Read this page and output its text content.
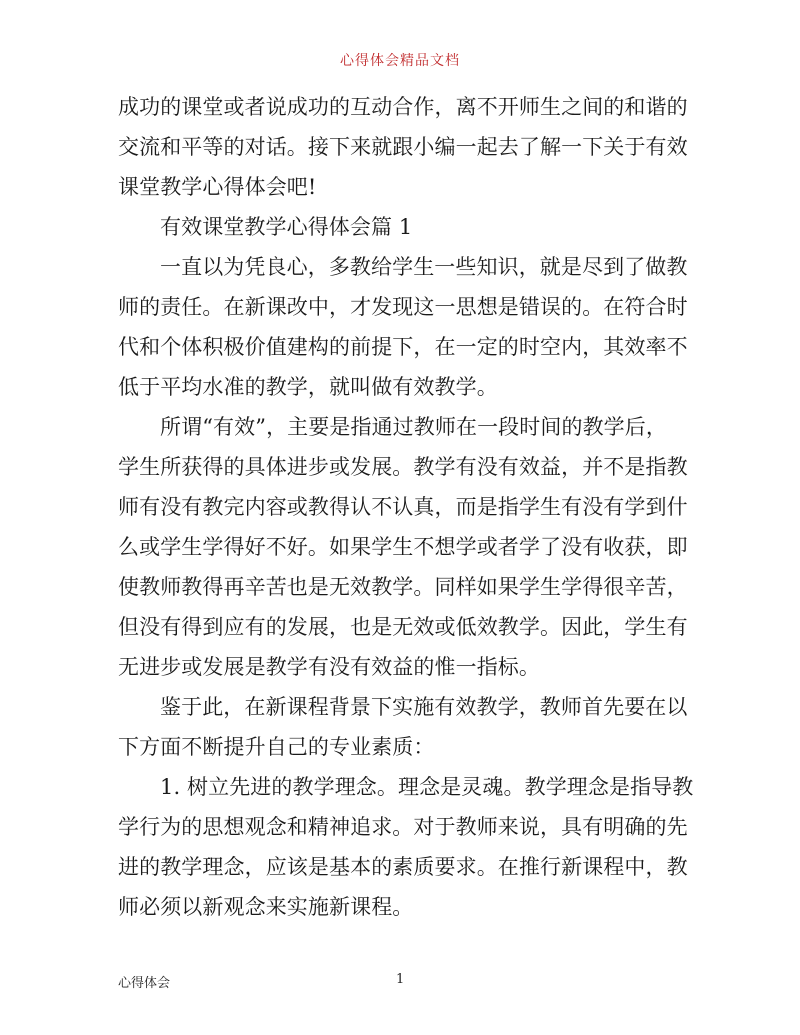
心得体会精品文档
成功的课堂或者说成功的互动合作，离不开师生之间的和谐的
交流和平等的对话。接下来就跟小编一起去了解一下关于有效
课堂教学心得体会吧!
有效课堂教学心得体会篇 1
一直以为凭良心，多教给学生一些知识，就是尽到了做教
师的责任。在新课改中，才发现这一思想是错误的。在符合时
代和个体积极价值建构的前提下，在一定的时空内，其效率不
低于平均水准的教学，就叫做有效教学。
所谓“有效”，主要是指通过教师在一段时间的教学后，
学生所获得的具体进步或发展。教学有没有效益，并不是指教
师有没有教完内容或教得认不认真，而是指学生有没有学到什
么或学生学得好不好。如果学生不想学或者学了没有收获，即
使教师教得再辛苦也是无效教学。同样如果学生学得很辛苦，
但没有得到应有的发展，也是无效或低效教学。因此，学生有
无进步或发展是教学有没有效益的惟一指标。
鉴于此，在新课程背景下实施有效教学，教师首先要在以
下方面不断提升自己的专业素质：
1. 树立先进的教学理念。理念是灵魂。教学理念是指导教
学行为的思想观念和精神追求。对于教师来说，具有明确的先
进的教学理念，应该是基本的素质要求。在推行新课程中，教
师必须以新观念来实施新课程。
心得体会	1
